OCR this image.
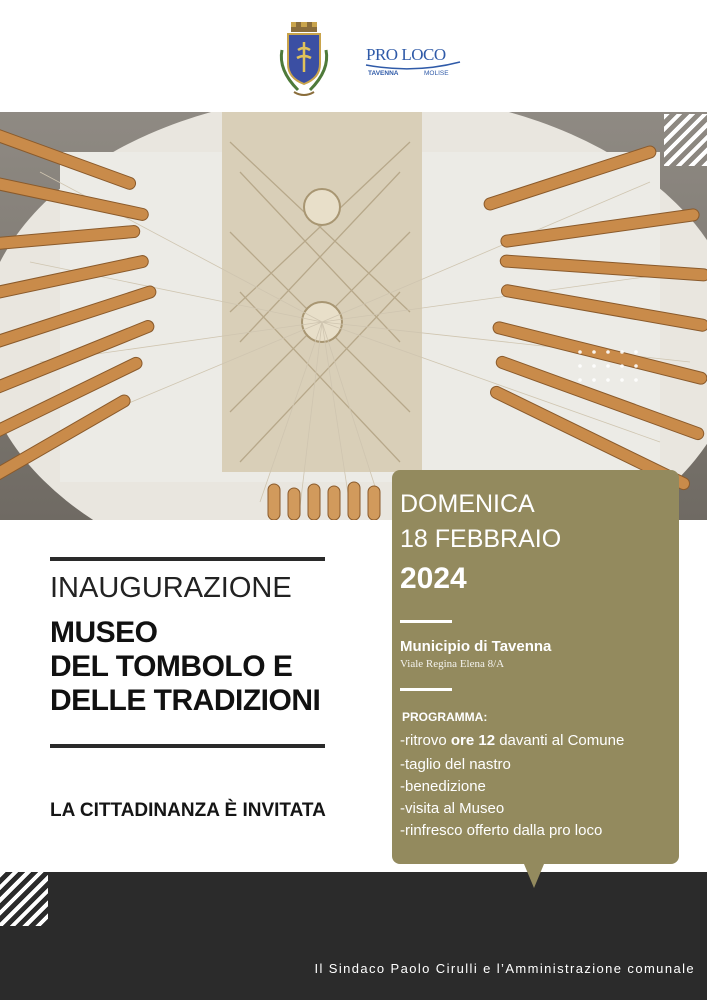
PRO LOCO
TAVENNA	MOLISE
INAUGURAZIONE
MUSEO
DEL TOMBOLO E
DELLE TRADIZIONI

LA CITTADINANZA È INVITATA

DOMENICA

18 FEBBRAIO

2024

Municipio di Tavenna

Viale Regina Elena 8/A

PROGRAMMA:

-ritrovo ore 12 davanti al Comune

-taglio del nastro

-benedizione

-visita al Museo

-rinfresco offerto dalla pro loco

Il Sindaco Paolo Cirulli e l’Amministrazione comunale
